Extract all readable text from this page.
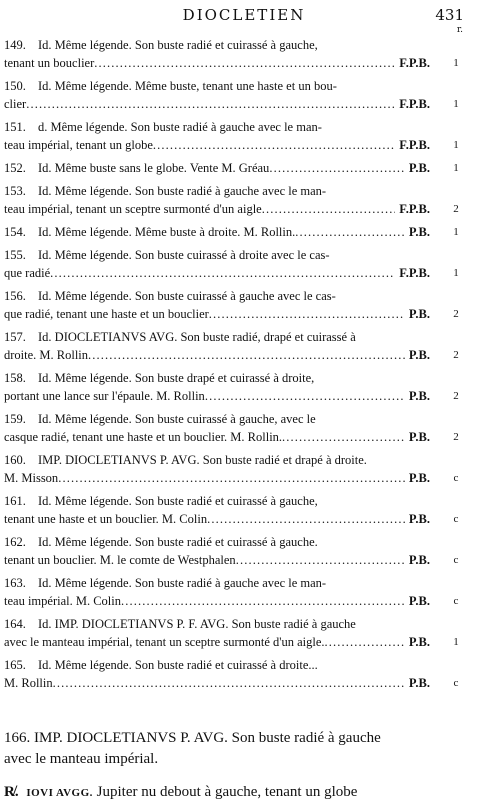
DIOCLETIEN	431
r.
149. Id. Même légende. Son buste radié et cuirassé à gauche,
tenant un bouclier . . .	F.P.B.	1
150. Id. Même légende. Même buste, tenant une haste et un bou-
clier . . .	F.P.B.	1
151. d. Même légende. Son buste radié à gauche avec le man-
teau impérial, tenant un globe . . .	F.P.B.	1
152. Id. Même buste sans le globe. Vente M. Gréau . . .	P.B.	1
153. Id. Même légende. Son buste radié à gauche avec le man-
teau impérial, tenant un sceptre surmonté d'un aigle . . .	F.P.B.	2
154. Id. Même légende. Même buste à droite. M. Rollin. . . .	P.B.	1
155. Id. Même légende. Son buste cuirassé à droite avec le cas-
que radié . . .	F.P.B.	1
156. Id. Même légende. Son buste cuirassé à gauche avec le cas-
que radié, tenant une haste et un bouclier . . .	P.B.	2
157. Id. DIOCLETIANVS AVG. Son buste radié, drapé et cuirassé à
droite. M. Rollin . . .	P.B.	2
158. Id. Même légende. Son buste drapé et cuirassé à droite,
portant une lance sur l'épaule. M. Rollin . . .	P.B.	2
159. Id. Même légende. Son buste cuirassé à gauche, avec le
casque radié, tenant une haste et un bouclier. M. Rollin. . . .	P.B.	2
160. IMP. DIOCLETIANVS P. AVG. Son buste radié et drapé à droite.
M. Misson . . .	P.B.	c
161. Id. Même légende. Son buste radié et cuirassé à gauche,
tenant une haste et un bouclier. M. Colin . . .	P.B.	c
162. Id. Même légende. Son buste radié et cuirassé à gauche.
tenant un bouclier. M. le comte de Westphalen . . .	P.B.	c
163. Id. Même légende. Son buste radié à gauche avec le man-
teau impérial. M. Colin . . .	P.B.	c
164. Id. IMP. DIOCLETIANVS P. F. AVG. Son buste radié à gauche
avec le manteau impérial, tenant un sceptre surmonté d'un aigle. . . .	P.B.	1
165. Id. Même légende. Son buste radié et cuirassé à droite...
M. Rollin . . .	P.B.	c
166. IMP. DIOCLETIANVS P. AVG. Son buste radié à gauche
avec le manteau impérial.
R̸. IOVI AVGG. Jupiter nu debout à gauche, tenant un globe
